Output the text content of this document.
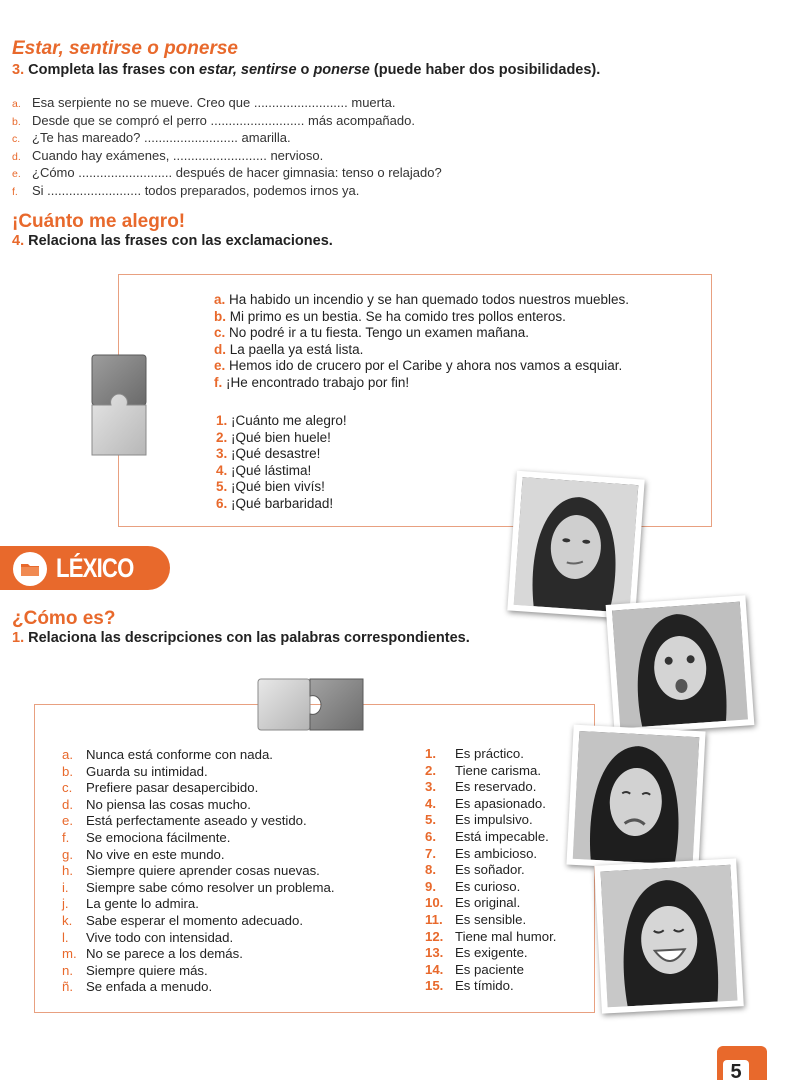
Estar, sentirse o ponerse
3. Completa las frases con estar, sentirse o ponerse (puede haber dos posibilidades).
a. Esa serpiente no se mueve. Creo que .......................... muerta.
b. Desde que se compró el perro .......................... más acompañado.
c. ¿Te has mareado? .......................... amarilla.
d. Cuando hay exámenes, .......................... nervioso.
e. ¿Cómo .......................... después de hacer gimnasia: tenso o relajado?
f. Si .......................... todos preparados, podemos irnos ya.
¡Cuánto me alegro!
4. Relaciona las frases con las exclamaciones.
a. Ha habido un incendio y se han quemado todos nuestros muebles.
b. Mi primo es un bestia. Se ha comido tres pollos enteros.
c. No podré ir a tu fiesta. Tengo un examen mañana.
d. La paella ya está lista.
e. Hemos ido de crucero por el Caribe y ahora nos vamos a esquiar.
f. ¡He encontrado trabajo por fin!
1. ¡Cuánto me alegro!
2. ¡Qué bien huele!
3. ¡Qué desastre!
4. ¡Qué lástima!
5. ¡Qué bien vivís!
6. ¡Qué barbaridad!
LÉXICO
¿Cómo es?
1. Relaciona las descripciones con las palabras correspondientes.
a. Nunca está conforme con nada.
b. Guarda su intimidad.
c. Prefiere pasar desapercibido.
d. No piensa las cosas mucho.
e. Está perfectamente aseado y vestido.
f. Se emociona fácilmente.
g. No vive en este mundo.
h. Siempre quiere aprender cosas nuevas.
i. Siempre sabe cómo resolver un problema.
j. La gente lo admira.
k. Sabe esperar el momento adecuado.
l. Vive todo con intensidad.
m. No se parece a los demás.
n. Siempre quiere más.
ñ. Se enfada a menudo.
1. Es práctico.
2. Tiene carisma.
3. Es reservado.
4. Es apasionado.
5. Es impulsivo.
6. Está impecable.
7. Es ambicioso.
8. Es soñador.
9. Es curioso.
10. Es original.
11. Es sensible.
12. Tiene mal humor.
13. Es exigente.
14. Es paciente
15. Es tímido.
5
